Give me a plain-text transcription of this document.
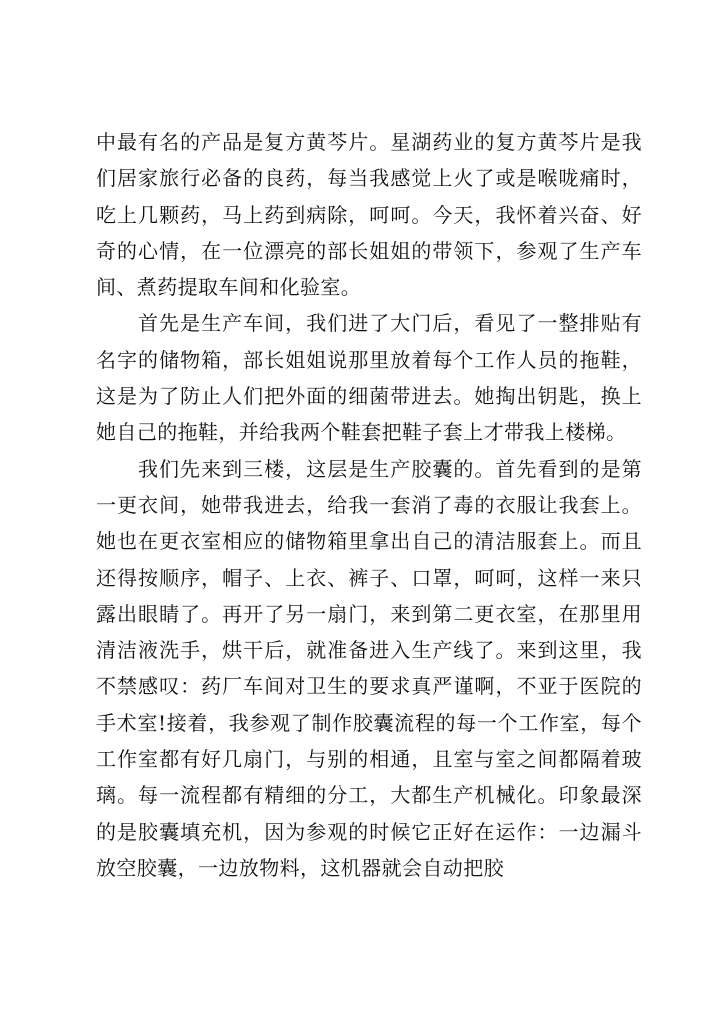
中最有名的产品是复方黄芩片。星湖药业的复方黄芩片是我们居家旅行必备的良药，每当我感觉上火了或是喉咙痛时，吃上几颗药，马上药到病除，呵呵。今天，我怀着兴奋、好奇的心情，在一位漂亮的部长姐姐的带领下，参观了生产车间、煮药提取车间和化验室。

首先是生产车间，我们进了大门后，看见了一整排贴有名字的储物箱，部长姐姐说那里放着每个工作人员的拖鞋，这是为了防止人们把外面的细菌带进去。她掏出钥匙，换上她自己的拖鞋，并给我两个鞋套把鞋子套上才带我上楼梯。

我们先来到三楼，这层是生产胶囊的。首先看到的是第一更衣间，她带我进去，给我一套消了毒的衣服让我套上。她也在更衣室相应的储物箱里拿出自己的清洁服套上。而且还得按顺序，帽子、上衣、裤子、口罩，呵呵，这样一来只露出眼睛了。再开了另一扇门，来到第二更衣室，在那里用清洁液洗手，烘干后，就准备进入生产线了。来到这里，我不禁感叹：药厂车间对卫生的要求真严谨啊，不亚于医院的手术室!接着，我参观了制作胶囊流程的每一个工作室，每个工作室都有好几扇门，与别的相通，且室与室之间都隔着玻璃。每一流程都有精细的分工，大都生产机械化。印象最深的是胶囊填充机，因为参观的时候它正好在运作：一边漏斗放空胶囊，一边放物料，这机器就会自动把胶
